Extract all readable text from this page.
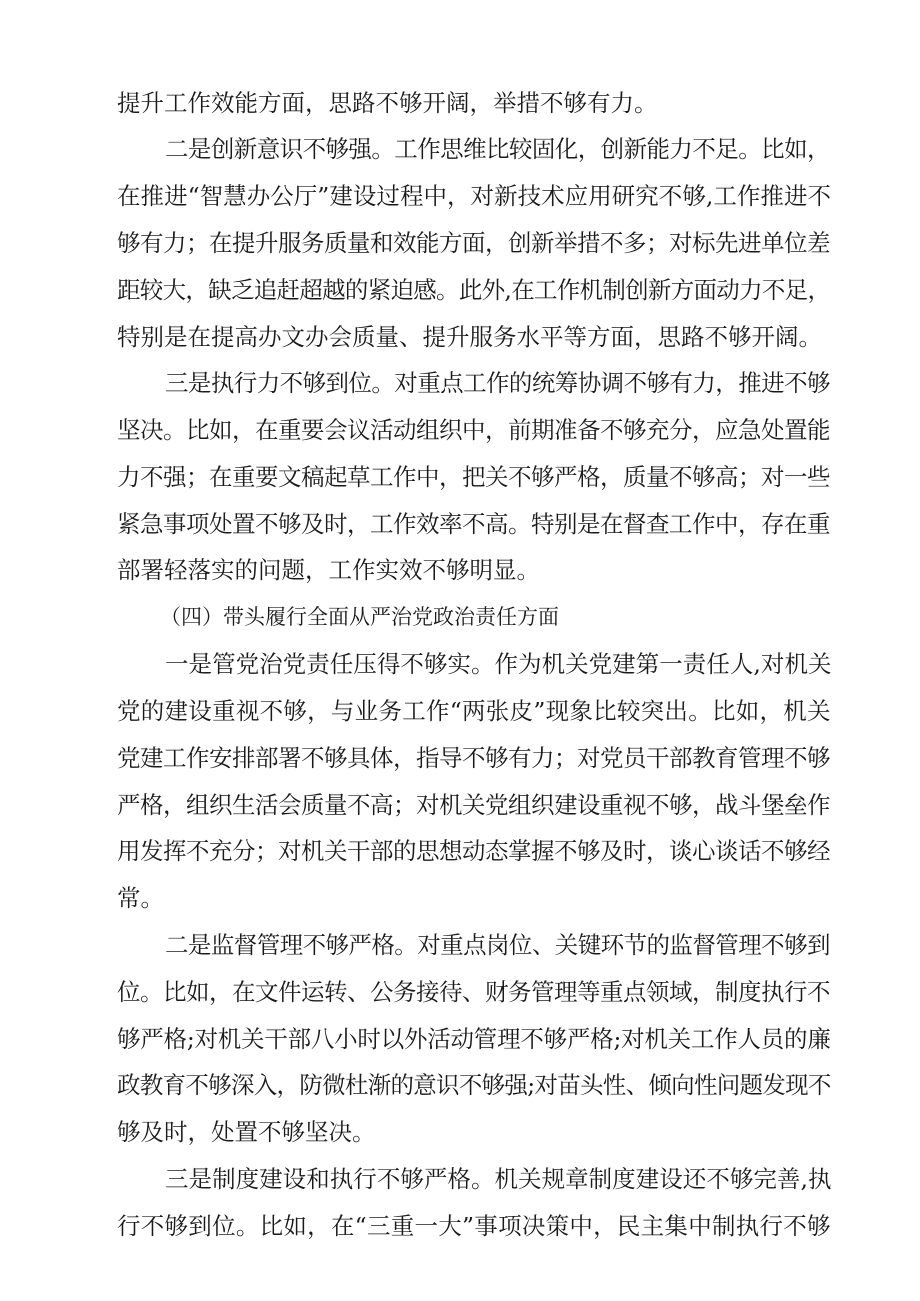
提升工作效能方面，思路不够开阔，举措不够有力。
二是创新意识不够强。工作思维比较固化，创新能力不足。比如，
在推进“智慧办公厅”建设过程中，对新技术应用研究不够,工作推进不
够有力；在提升服务质量和效能方面，创新举措不多；对标先进单位差
距较大，缺乏追赶超越的紧迫感。此外,在工作机制创新方面动力不足，
特别是在提高办文办会质量、提升服务水平等方面，思路不够开阔。
三是执行力不够到位。对重点工作的统筹协调不够有力，推进不够
坚决。比如，在重要会议活动组织中，前期准备不够充分，应急处置能
力不强；在重要文稿起草工作中，把关不够严格，质量不够高；对一些
紧急事项处置不够及时，工作效率不高。特别是在督查工作中，存在重
部署轻落实的问题，工作实效不够明显。
（四）带头履行全面从严治党政治责任方面
一是管党治党责任压得不够实。作为机关党建第一责任人,对机关
党的建设重视不够，与业务工作“两张皮”现象比较突出。比如，机关
党建工作安排部署不够具体，指导不够有力；对党员干部教育管理不够
严格，组织生活会质量不高；对机关党组织建设重视不够，战斗堡垒作
用发挥不充分；对机关干部的思想动态掌握不够及时，谈心谈话不够经
常。
二是监督管理不够严格。对重点岗位、关键环节的监督管理不够到
位。比如，在文件运转、公务接待、财务管理等重点领域，制度执行不
够严格;对机关干部八小时以外活动管理不够严格;对机关工作人员的廉
政教育不够深入，防微杜渐的意识不够强;对苗头性、倾向性问题发现不
够及时，处置不够坚决。
三是制度建设和执行不够严格。机关规章制度建设还不够完善,执
行不够到位。比如，在“三重一大”事项决策中，民主集中制执行不够
